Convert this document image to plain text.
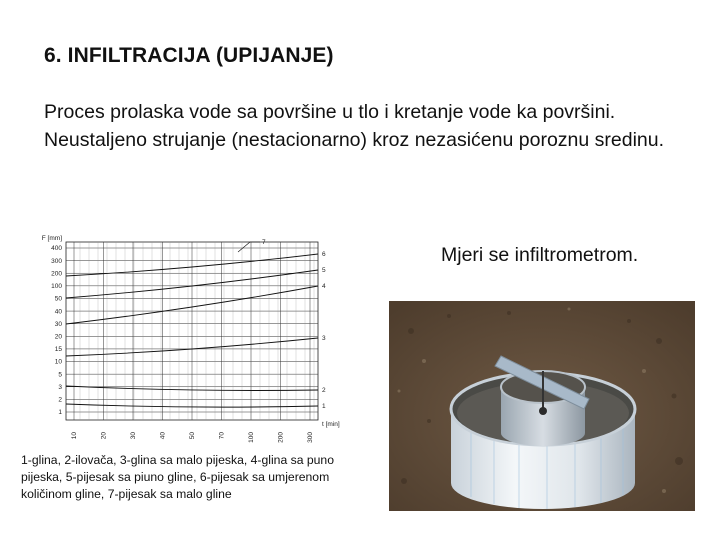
6. INFILTRACIJA (UPIJANJE)

Proces prolaska vode sa površine u tlo i kretanje vode ka površini.

Neustaljeno strujanje (nestacionarno) kroz nezasićenu poroznu sredinu.

Mjeri se infiltrometrom.

400
300
200
100
50
40
30
20
15
10
5
3
2
1
10	20	30	40	50	70	100	200	300
F [mm]
t [min]
1
2
3
4
5
6
7

1-glina, 2-ilovača, 3-glina sa malo pijeska, 4-glina sa puno pijeska, 5-pijesak sa piuno gline, 6-pijesak sa umjerenom količinom gline, 7-pijesak sa malo gline
